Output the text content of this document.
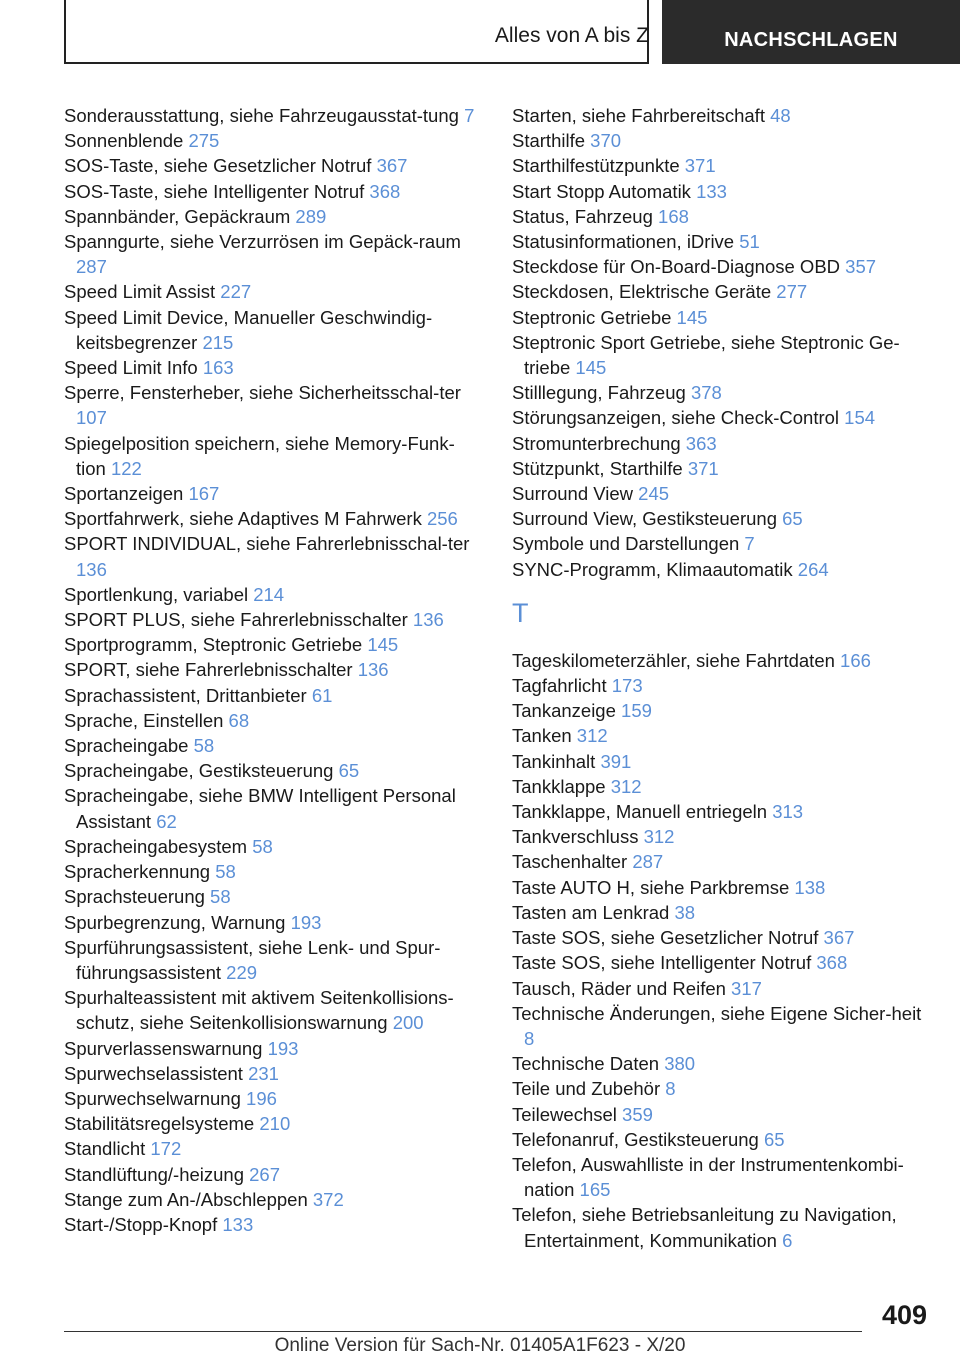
Alles von A bis Z	NACHSCHLAGEN
Sonderausstattung, siehe Fahrzeugausstat-tung 7
Sonnenblende 275
SOS-Taste, siehe Gesetzlicher Notruf 367
SOS-Taste, siehe Intelligenter Notruf 368
Spannbänder, Gepäckraum 289
Spanngurte, siehe Verzurrösen im Gepäck-raum 287
Speed Limit Assist 227
Speed Limit Device, Manueller Geschwindig-keitsbegrenzer 215
Speed Limit Info 163
Sperre, Fensterheber, siehe Sicherheitsschal-ter 107
Spiegelposition speichern, siehe Memory-Funk-tion 122
Sportanzeigen 167
Sportfahrwerk, siehe Adaptives M Fahrwerk 256
SPORT INDIVIDUAL, siehe Fahrerlebnisschal-ter 136
Sportlenkung, variabel 214
SPORT PLUS, siehe Fahrerlebnisschalter 136
Sportprogramm, Steptronic Getriebe 145
SPORT, siehe Fahrerlebnisschalter 136
Sprachassistent, Drittanbieter 61
Sprache, Einstellen 68
Spracheingabe 58
Spracheingabe, Gestiksteuerung 65
Spracheingabe, siehe BMW Intelligent Personal Assistant 62
Spracheingabesystem 58
Spracherkennung 58
Sprachsteuerung 58
Spurbegrenzung, Warnung 193
Spurführungsassistent, siehe Lenk- und Spur-führungsassistent 229
Spurhalteassistent mit aktivem Seitenkollisions-schutz, siehe Seitenkollisionswarnung 200
Spurverlassenswarnung 193
Spurwechselassistent 231
Spurwechselwarnung 196
Stabilitätsregelsysteme 210
Standlicht 172
Standlüftung/-heizung 267
Stange zum An-/Abschleppen 372
Start-/Stopp-Knopf 133
Starten, siehe Fahrbereitschaft 48
Starthilfe 370
Starthilfestützpunkte 371
Start Stopp Automatik 133
Status, Fahrzeug 168
Statusinformationen, iDrive 51
Steckdose für On-Board-Diagnose OBD 357
Steckdosen, Elektrische Geräte 277
Steptronic Getriebe 145
Steptronic Sport Getriebe, siehe Steptronic Ge-triebe 145
Stilllegung, Fahrzeug 378
Störungsanzeigen, siehe Check-Control 154
Stromunterbrechung 363
Stützpunkt, Starthilfe 371
Surround View 245
Surround View, Gestiksteuerung 65
Symbole und Darstellungen 7
SYNC-Programm, Klimaautomatik 264
T
Tageskilometerzähler, siehe Fahrtdaten 166
Tagfahrlicht 173
Tankanzeige 159
Tanken 312
Tankinhalt 391
Tankklappe 312
Tankklappe, Manuell entriegeln 313
Tankverschluss 312
Taschenhalter 287
Taste AUTO H, siehe Parkbremse 138
Tasten am Lenkrad 38
Taste SOS, siehe Gesetzlicher Notruf 367
Taste SOS, siehe Intelligenter Notruf 368
Tausch, Räder und Reifen 317
Technische Änderungen, siehe Eigene Sicher-heit 8
Technische Daten 380
Teile und Zubehör 8
Teilewechsel 359
Telefonanruf, Gestiksteuerung 65
Telefon, Auswahlliste in der Instrumentenkombi-nation 165
Telefon, siehe Betriebsanleitung zu Navigation, Entertainment, Kommunikation 6
409
Online Version für Sach-Nr. 01405A1F623 - X/20
